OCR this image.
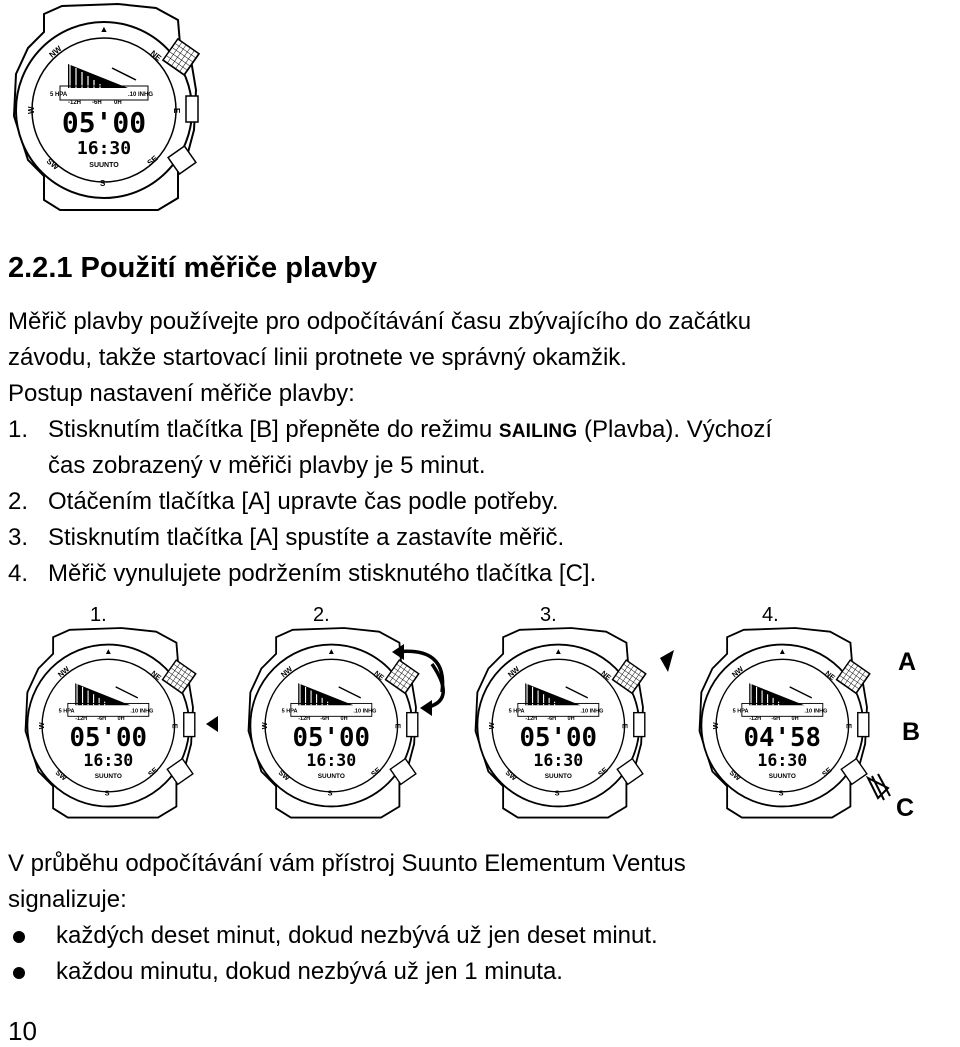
▲
NW	NE
W	E
SW	SE
S
5 HPA	.10 INHG
-12H -6H 0H
05'00
16:30
SUUNTO
2.2.1 Použití měřiče plavby
Měřič plavby používejte pro odpočítávání času zbývajícího do začátku
závodu, takže startovací linii protnete ve správný okamžik.
Postup nastavení měřiče plavby:
1. Stisknutím tlačítka [B] přepněte do režimu SAILING (Plavba). Výchozí
čas zobrazený v měřiči plavby je 5 minut.
2. Otáčením tlačítka [A] upravte čas podle potřeby.
3. Stisknutím tlačítka [A] spustíte a zastavíte měřič.
4. Měřič vynulujete podržením stisknutého tlačítka [C].
1.	2.	3.	4.
▲
NW	NE
W	E
SW	SE
S
5 HPA	.10 INHG
-12H -6H 0H
05'00
16:30
SUUNTO
▲
NW	NE
W	E
SW	SE
S
5 HPA	.10 INHG
-12H -6H 0H
05'00
16:30
SUUNTO
▲
NW	NE
W	E
SW	SE
S
5 HPA	.10 INHG
-12H -6H 0H
05'00
16:30
SUUNTO
▲
NW	NE
W	E
SW	SE
S
5 HPA	.10 INHG
-12H -6H 0H
04'58
16:30
SUUNTO
A
B
C
V průběhu odpočítávání vám přístroj Suunto Elementum Ventus
signalizuje:
každých deset minut, dokud nezbývá už jen deset minut.
každou minutu, dokud nezbývá už jen 1 minuta.
10
